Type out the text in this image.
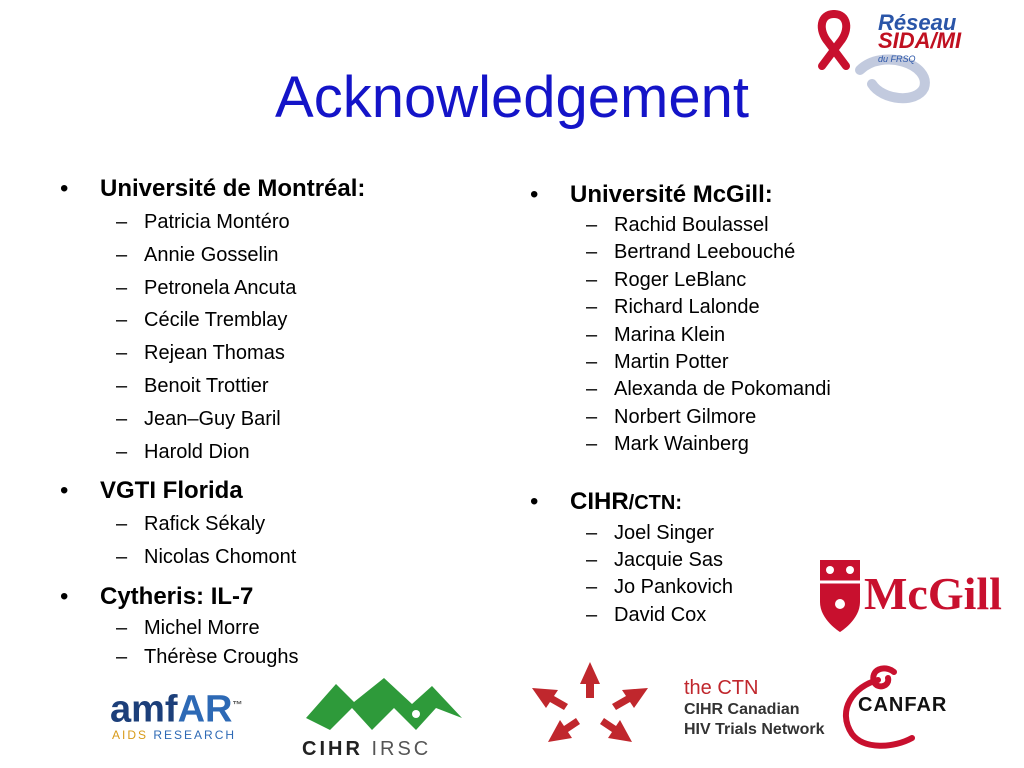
Acknowledgement
Réseau
SIDA/MI
du FRSQ
• Université de Montréal:
– Patricia Montéro
– Annie Gosselin
– Petronela Ancuta
– Cécile Tremblay
– Rejean Thomas
– Benoit Trottier
– Jean–Guy Baril
– Harold Dion
• VGTI Florida
– Rafick Sékaly
– Nicolas Chomont
• Cytheris: IL-7
– Michel Morre
– Thérèse Croughs
• Université McGill:
– Rachid Boulassel
– Bertrand Leebouché
– Roger LeBlanc
– Richard Lalonde
– Marina Klein
– Martin Potter
– Alexanda de Pokomandi
– Norbert Gilmore
– Mark Wainberg
• CIHR/CTN:
– Joel Singer
– Jacquie Sas
– Jo Pankovich
– David Cox	McGill
amfAR™
AIDS RESEARCH
CIHR IRSC
the CTN
CIHR Canadian
HIV Trials Network
CANFAR
